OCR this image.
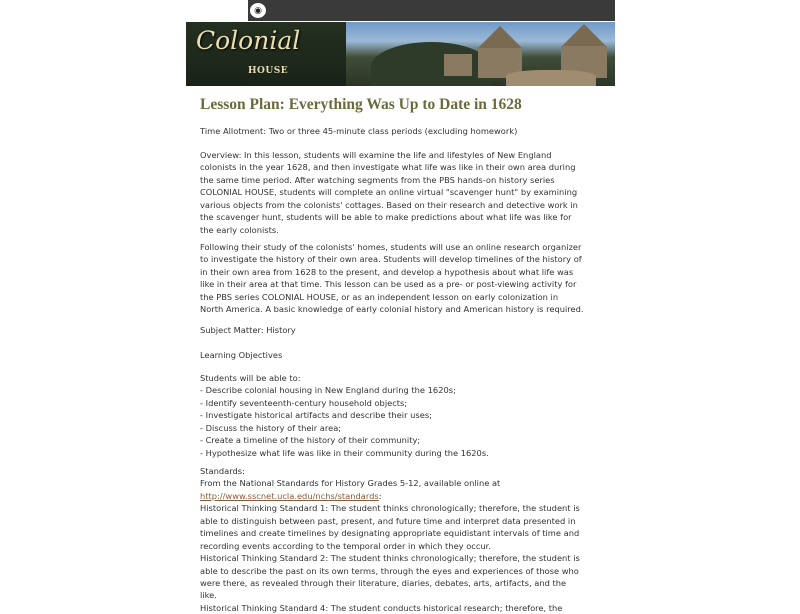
◉
Colonial
HOUSE
Lesson Plan: Everything Was Up to Date in 1628
Time Allotment: Two or three 45-minute class periods (excluding homework)
Overview: In this lesson, students will examine the life and lifestyles of New England
colonists in the year 1628, and then investigate what life was like in their own area during
the same time period. After watching segments from the PBS hands-on history series
COLONIAL HOUSE, students will complete an online virtual "scavenger hunt" by examining
various objects from the colonists' cottages. Based on their research and detective work in
the scavenger hunt, students will be able to make predictions about what life was like for
the early colonists.
Following their study of the colonists' homes, students will use an online research organizer
to investigate the history of their own area. Students will develop timelines of the history of
in their own area from 1628 to the present, and develop a hypothesis about what life was
like in their area at that time. This lesson can be used as a pre- or post-viewing activity for
the PBS series COLONIAL HOUSE, or as an independent lesson on early colonization in
North America. A basic knowledge of early colonial history and American history is required.
Subject Matter: History
Learning Objectives
Students will be able to:
- Describe colonial housing in New England during the 1620s;
- Identify seventeenth-century household objects;
- Investigate historical artifacts and describe their uses;
- Discuss the history of their area;
- Create a timeline of the history of their community;
- Hypothesize what life was like in their community during the 1620s.
Standards:
From the National Standards for History Grades 5-12, available online at
http://www.sscnet.ucla.edu/nchs/standards:
Historical Thinking Standard 1: The student thinks chronologically; therefore, the student is
able to distinguish between past, present, and future time and interpret data presented in
timelines and create timelines by designating appropriate equidistant intervals of time and
recording events according to the temporal order in which they occur.
Historical Thinking Standard 2: The student thinks chronologically; therefore, the student is
able to describe the past on its own terms, through the eyes and experiences of those who
were there, as revealed through their literature, diaries, debates, arts, artifacts, and the
like.
Historical Thinking Standard 4: The student conducts historical research; therefore, the
